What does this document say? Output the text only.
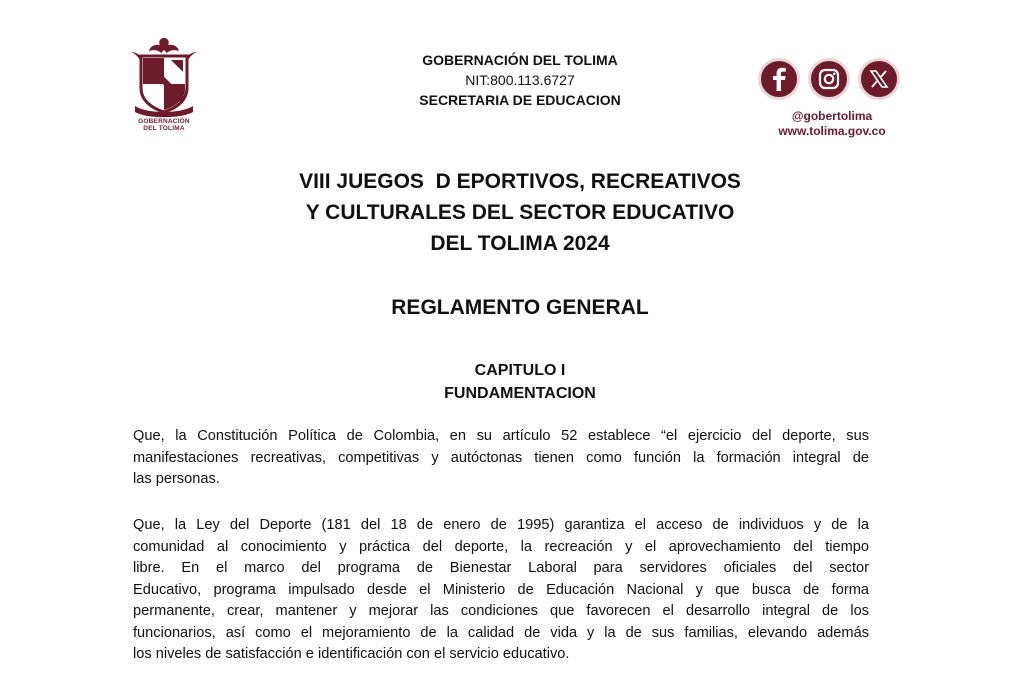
GOBERNACIÓN
DEL TOLIMA
GOBERNACIÓN DEL TOLIMA
NIT:800.113.6727
SECRETARIA DE EDUCACION
@gobertolima
www.tolima.gov.co
VIII JUEGOS  D EPORTIVOS, RECREATIVOS
Y CULTURALES DEL SECTOR EDUCATIVO
DEL TOLIMA 2024
REGLAMENTO GENERAL
CAPITULO I
FUNDAMENTACION
Que, la Constitución Política de Colombia, en su artículo 52 establece “el ejercicio del deporte, sus
manifestaciones recreativas, competitivas y autóctonas tienen como función la formación integral de
las personas.
Que, la Ley del Deporte (181 del 18 de enero de 1995) garantiza el acceso de individuos y de la
comunidad al conocimiento y práctica del deporte, la recreación y el aprovechamiento del tiempo
libre. En el marco del programa de Bienestar Laboral para servidores oficiales del sector
Educativo, programa impulsado desde el Ministerio de Educación Nacional y que busca de forma
permanente, crear, mantener y mejorar las condiciones que favorecen el desarrollo integral de los
funcionarios, así como el mejoramiento de la calidad de vida y la de sus familias, elevando además
los niveles de satisfacción e identificación con el servicio educativo.
